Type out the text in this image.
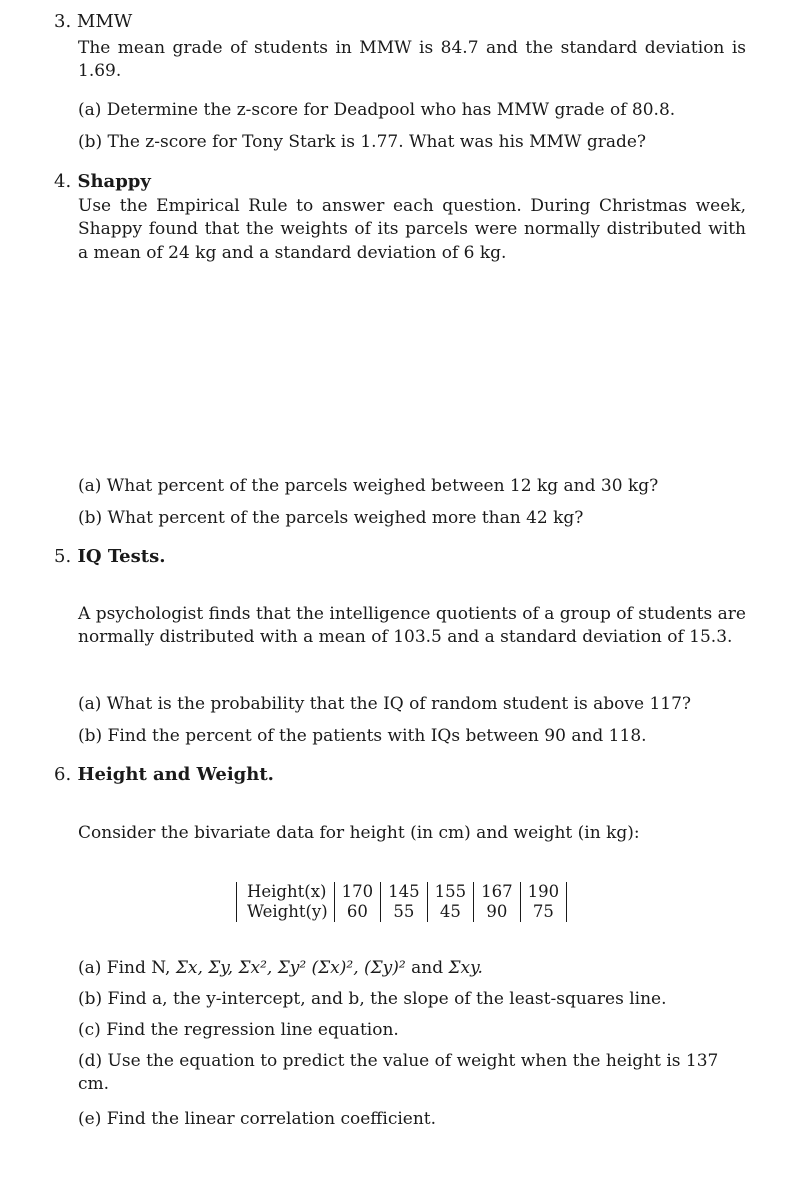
3. MMW
The mean grade of students in MMW is 84.7 and the standard deviation is 1.69.
(a) Determine the z-score for Deadpool who has MMW grade of 80.8.
(b) The z-score for Tony Stark is 1.77. What was his MMW grade?
4. Shappy
Use the Empirical Rule to answer each question. During Christmas week, Shappy found that the weights of its parcels were normally distributed with a mean of 24 kg and a standard deviation of 6 kg.
(a) What percent of the parcels weighed between 12 kg and 30 kg?
(b) What percent of the parcels weighed more than 42 kg?
5. IQ Tests.
A psychologist finds that the intelligence quotients of a group of students are normally distributed with a mean of 103.5 and a standard deviation of 15.3.
(a) What is the probability that the IQ of random student is above 117?
(b) Find the percent of the patients with IQs between 90 and 118.
6. Height and Weight.
Consider the bivariate data for height (in cm) and weight (in kg):
Height(x)	170	145	155	167	190
Weight(y)	60	55	45	90	75
(a) Find N, Σx, Σy, Σx², Σy² (Σx)², (Σy)² and Σxy.
(b) Find a, the y-intercept, and b, the slope of the least-squares line.
(c) Find the regression line equation.
(d) Use the equation to predict the value of weight when the height is 137 cm.
(e) Find the linear correlation coefficient.
